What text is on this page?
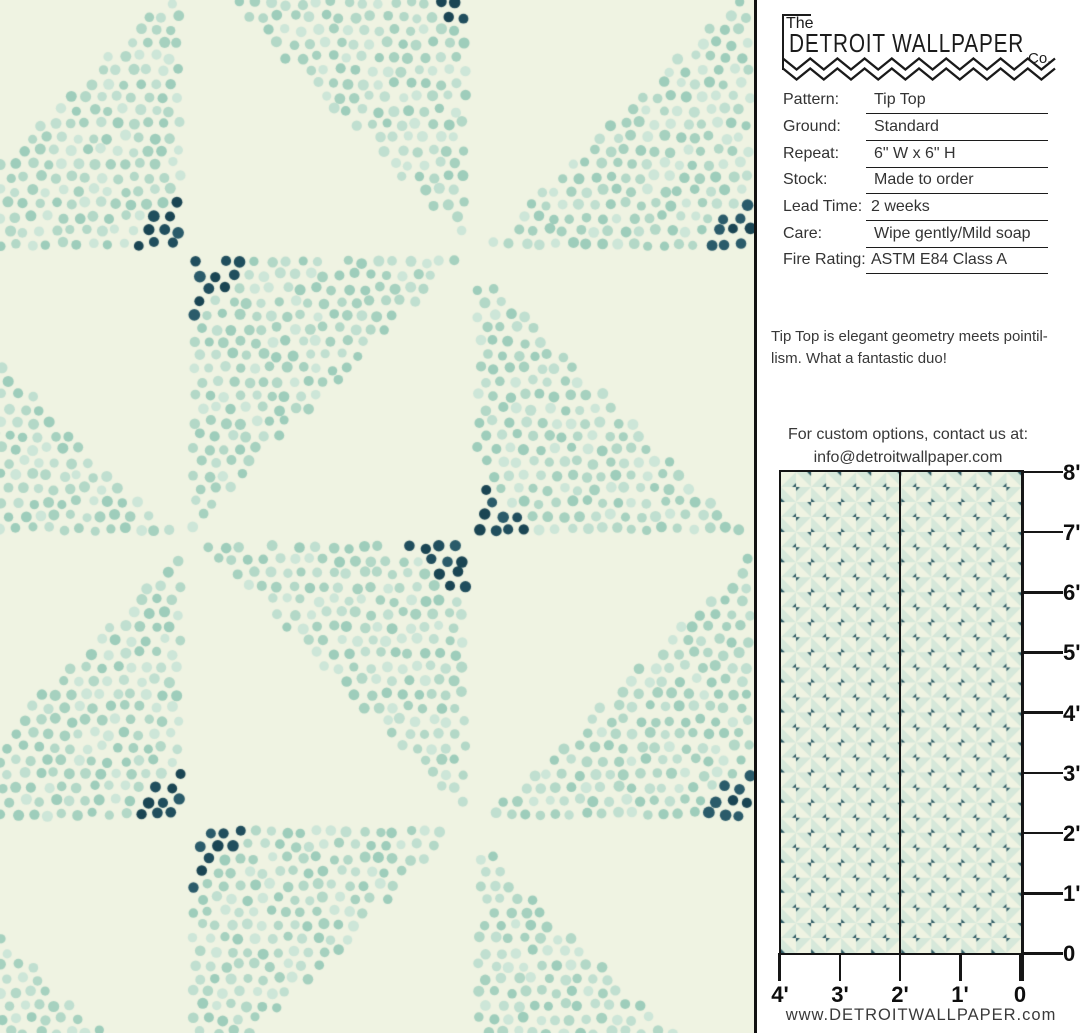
The
DETROIT WALLPAPER
Co.
Pattern: Tip Top
Ground: Standard
Repeat: 6" W x 6" H
Stock:	Made to order
Lead Time: 2 weeks
Care:	Wipe gently/Mild soap
Fire Rating: ASTM E84 Class A
Tip Top is elegant geometry meets pointil-
lism. What a fantastic duo!
For custom options, contact us at:
info@detroitwallpaper.com
8'
7'
6'
5'
4'
3'
2'
1'
0
4'	3'	2'	1'	0
www.DETROITWALLPAPER.com
